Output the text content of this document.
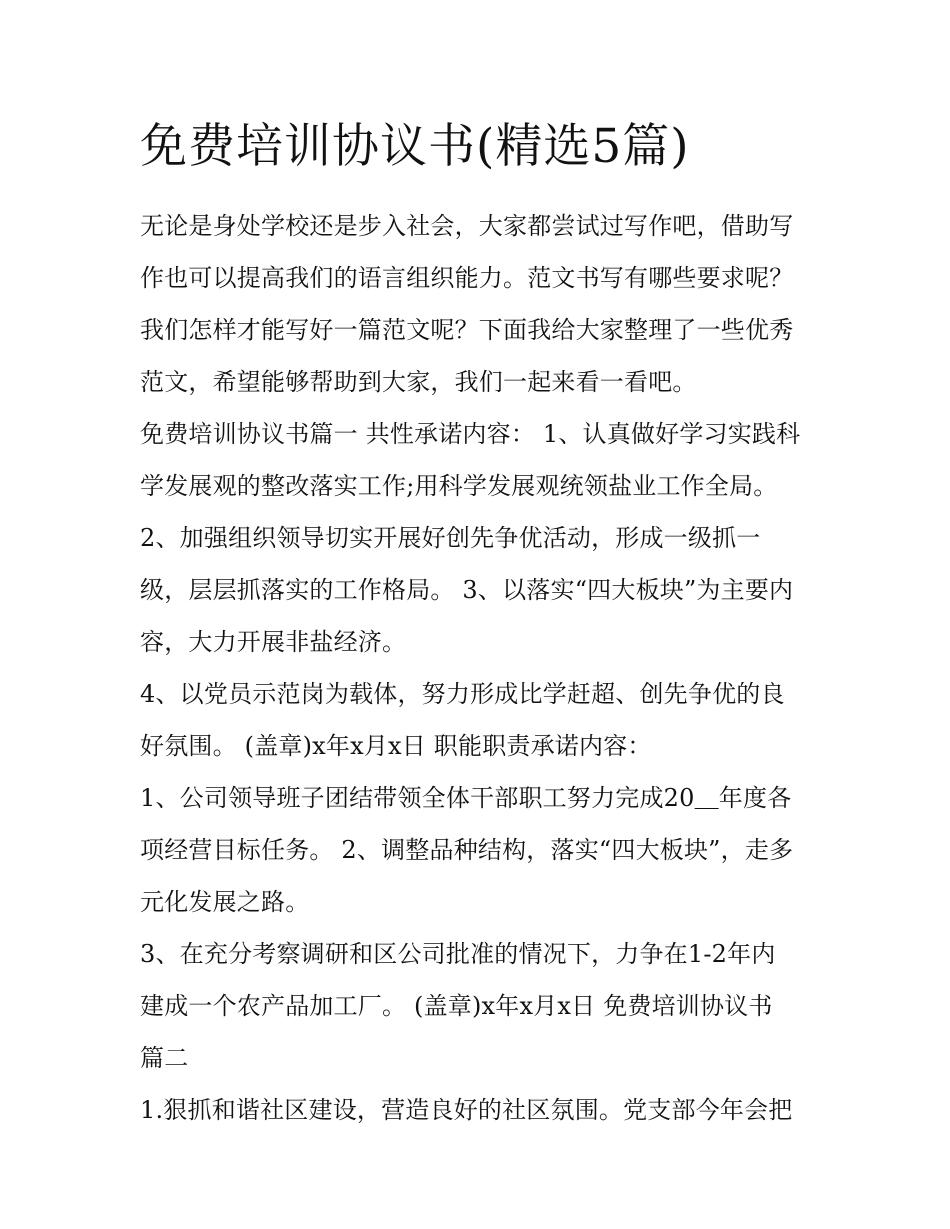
免费培训协议书(精选5篇)
无论是身处学校还是步入社会，大家都尝试过写作吧，借助写
作也可以提高我们的语言组织能力。范文书写有哪些要求呢？
我们怎样才能写好一篇范文呢？下面我给大家整理了一些优秀
范文，希望能够帮助到大家，我们一起来看一看吧。
免费培训协议书篇一 共性承诺内容： 1、认真做好学习实践科
学发展观的整改落实工作;用科学发展观统领盐业工作全局。
2、加强组织领导切实开展好创先争优活动，形成一级抓一
级，层层抓落实的工作格局。 3、以落实“四大板块”为主要内
容，大力开展非盐经济。
4、以党员示范岗为载体，努力形成比学赶超、创先争优的良
好氛围。 (盖章)x年x月x日 职能职责承诺内容：
1、公司领导班子团结带领全体干部职工努力完成20＿年度各
项经营目标任务。 2、调整品种结构，落实“四大板块”，走多
元化发展之路。
3、在充分考察调研和区公司批准的情况下，力争在1-2年内
建成一个农产品加工厂。 (盖章)x年x月x日 免费培训协议书
篇二
1.狠抓和谐社区建设，营造良好的社区氛围。党支部今年会把
